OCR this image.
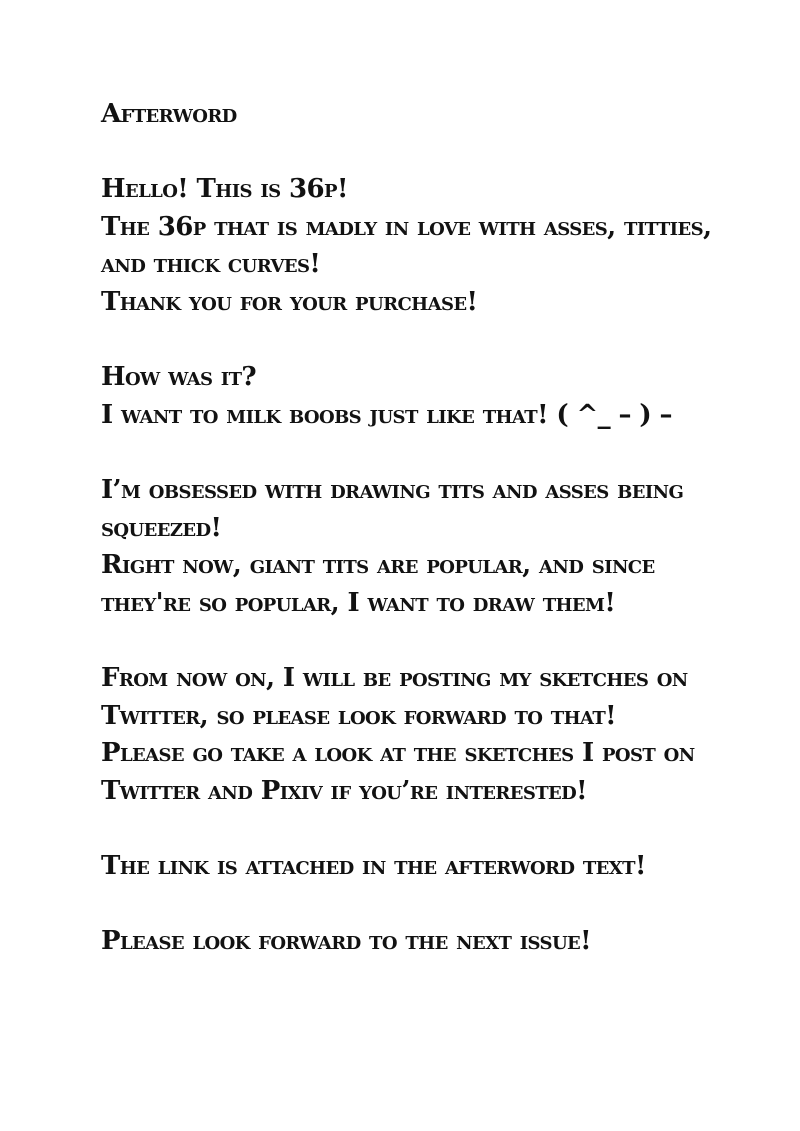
Afterword
Hello! This is 36p!
The 36p that is madly in love with asses, titties,
and thick curves!
Thank you for your purchase!
How was it?
I want to milk boobs just like that! ( ^_ – ) –
I’m obsessed with drawing tits and asses being
squeezed!
Right now, giant tits are popular, and since
they're so popular, I want to draw them!
From now on, I will be posting my sketches on
Twitter, so please look forward to that!
Please go take a look at the sketches I post on
Twitter and Pixiv if you’re interested!
The link is attached in the afterword text!
Please look forward to the next issue!
